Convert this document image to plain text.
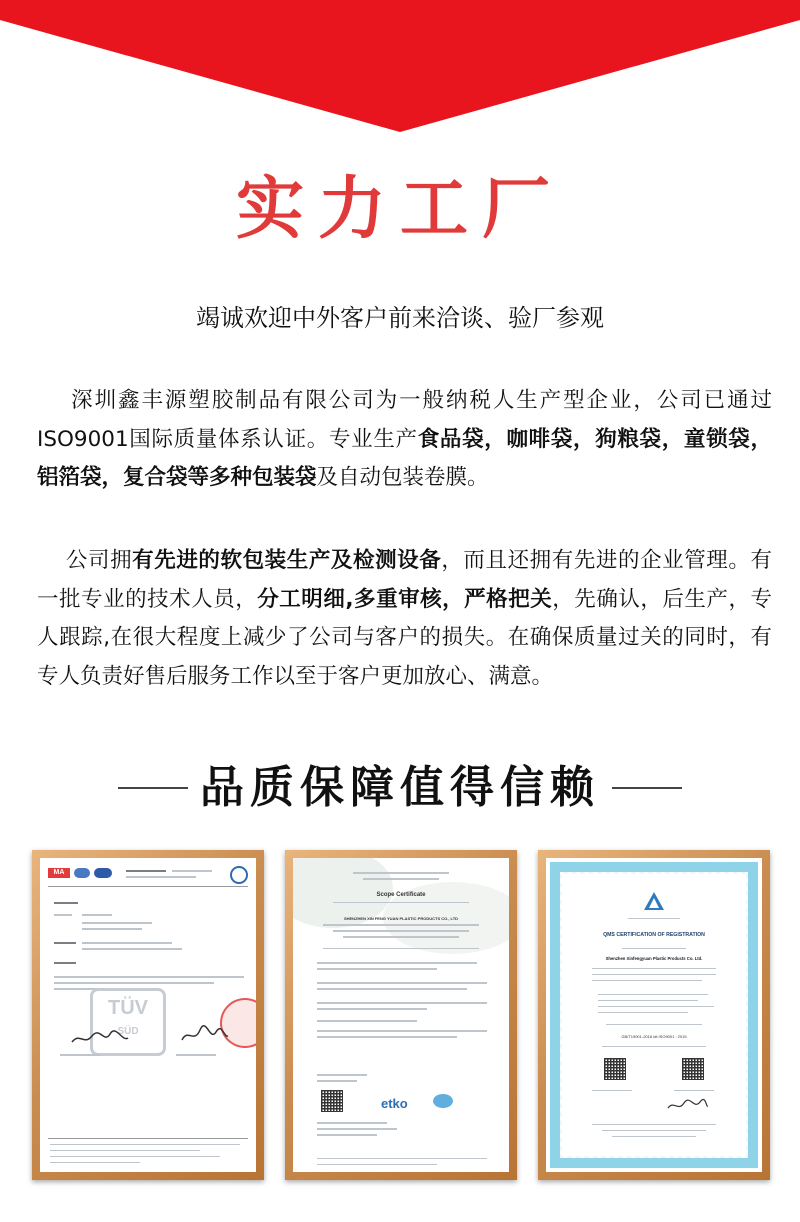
实力工厂
竭诚欢迎中外客户前来洽谈、验厂参观
  深圳鑫丰源塑胶制品有限公司为一般纳税人生产型企业，公司已通过ISO9001国际质量体系认证。专业生产食品袋，咖啡袋，狗粮袋，童锁袋，铝箔袋，复合袋等多种包装袋及自动包装卷膜。
  公司拥有先进的软包装生产及检测设备，而且还拥有先进的企业管理。有一批专业的技术人员，分工明细,多重审核，严格把关，先确认，后生产，专人跟踪,在很大程度上减少了公司与客户的损失。在确保质量过关的同时，有专人负责好售后服务工作以至于客户更加放心、满意。
品质保障值得信赖
MA
TÜV
SÜD
Scope Certificate
SHENZHEN XIN FENG YUAN PLASTIC PRODUCTS CO., LTD
etko
QMS CERTIFICATION OF REGISTRATION
Shenzhen Xinfengyuan Plastic Products Co. Ltd.
GB/T19001-2016 idt ISO9001 : 2015
